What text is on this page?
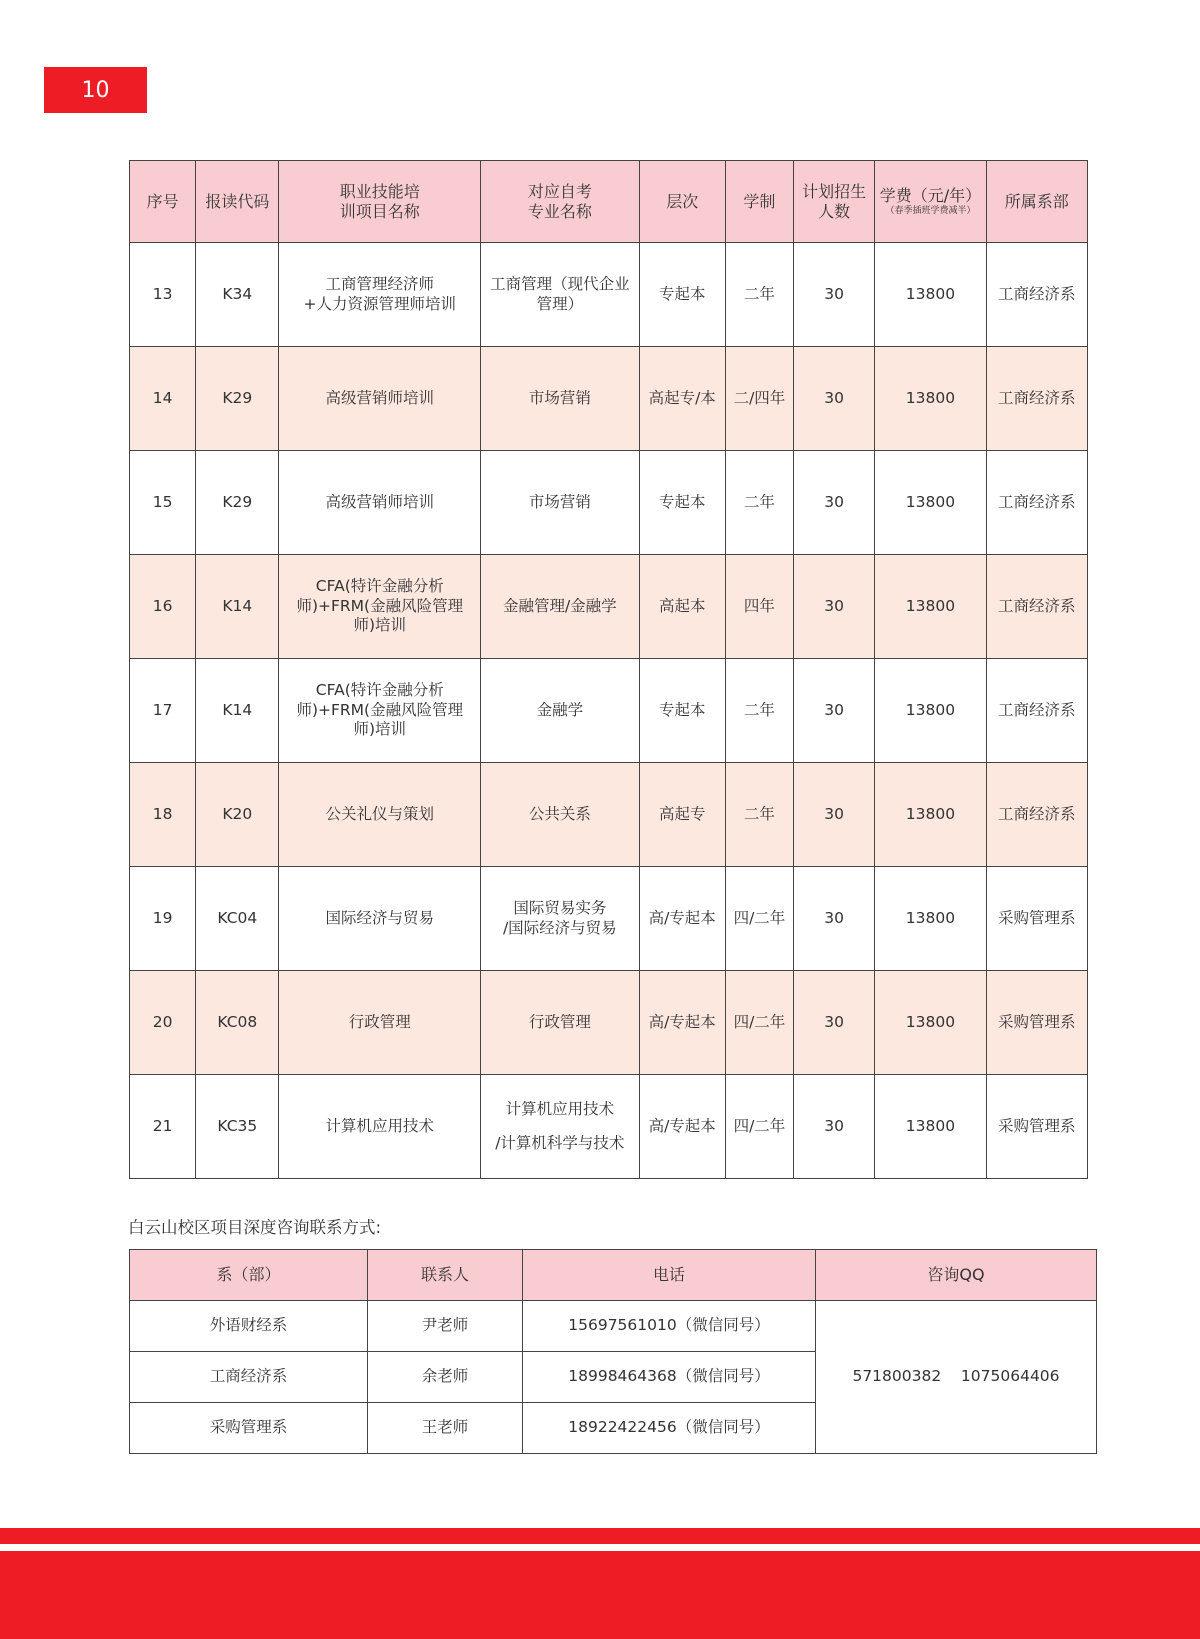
10
序号	报读代码	职业技能培
训项目名称	对应自考
专业名称	层次	学制	计划招生
人数	学费（元/年）
（春季插班学费减半）	所属系部
13	K34	工商管理经济师
+人力资源管理师培训	工商管理（现代企业
管理）	专起本	二年	30	13800	工商经济系
14	K29	高级营销师培训	市场营销	高起专/本	二/四年	30	13800	工商经济系
15	K29	高级营销师培训	市场营销	专起本	二年	30	13800	工商经济系
16	K14	CFA(特许金融分析
师)+FRM(金融风险管理
师)培训	金融管理/金融学	高起本	四年	30	13800	工商经济系
17	K14	CFA(特许金融分析
师)+FRM(金融风险管理
师)培训	金融学	专起本	二年	30	13800	工商经济系
18	K20	公关礼仪与策划	公共关系	高起专	二年	30	13800	工商经济系
19	KC04	国际经济与贸易	国际贸易实务
/国际经济与贸易	高/专起本	四/二年	30	13800	采购管理系
20	KC08	行政管理	行政管理	高/专起本	四/二年	30	13800	采购管理系
21	KC35	计算机应用技术	计算机应用技术
/计算机科学与技术	高/专起本	四/二年	30	13800	采购管理系
白云山校区项目深度咨询联系方式:
系（部）	联系人	电话	咨询QQ
外语财经系	尹老师	15697561010（微信同号）	571800382    1075064406
工商经济系	余老师	18998464368（微信同号）	
采购管理系	王老师	18922422456（微信同号）	
